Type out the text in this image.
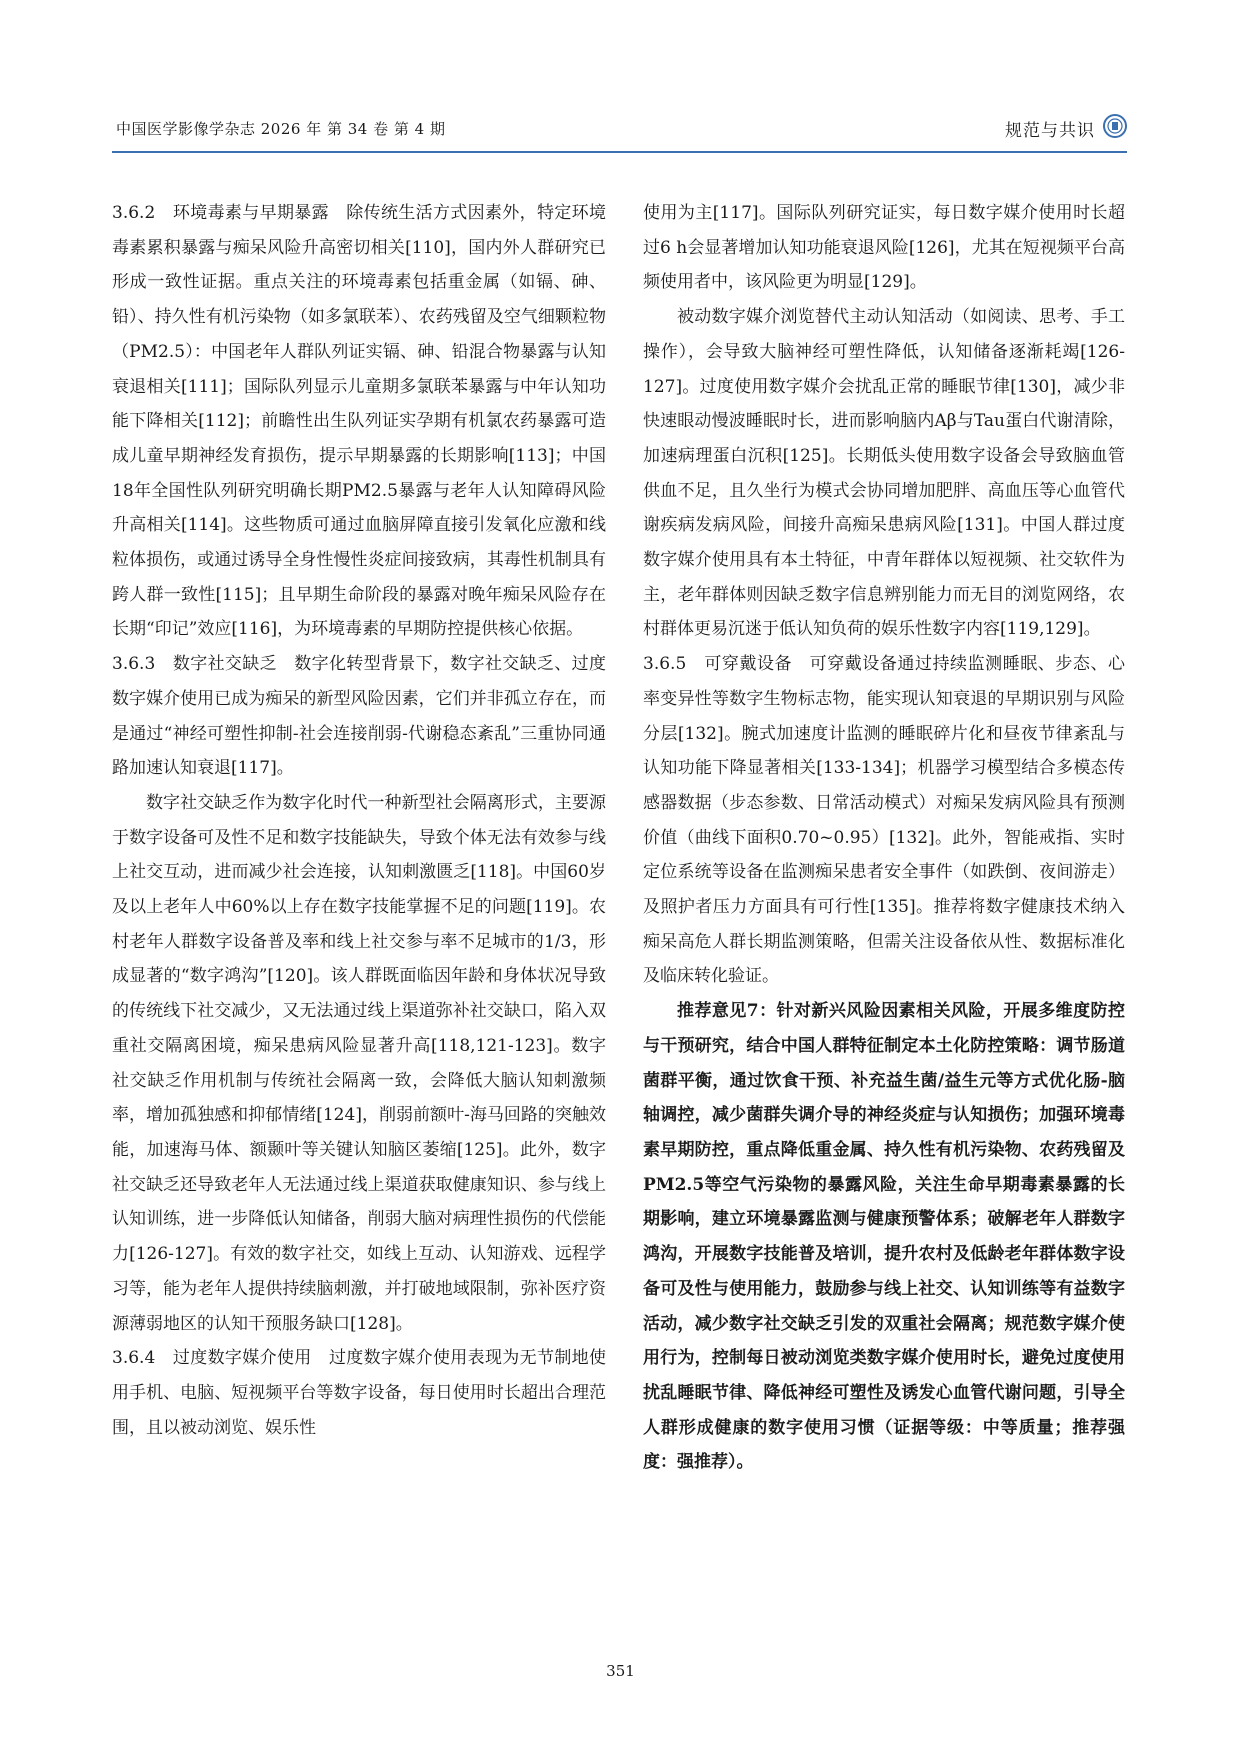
中国医学影像学杂志 2026 年 第 34 卷 第 4 期	规范与共识

3.6.2　环境毒素与早期暴露　除传统生活方式因素外，特定环境毒素累积暴露与痴呆风险升高密切相关[110]，国内外人群研究已形成一致性证据。重点关注的环境毒素包括重金属（如镉、砷、铅）、持久性有机污染物（如多氯联苯）、农药残留及空气细颗粒物（PM2.5）：中国老年人群队列证实镉、砷、铅混合物暴露与认知衰退相关[111]；国际队列显示儿童期多氯联苯暴露与中年认知功能下降相关[112]；前瞻性出生队列证实孕期有机氯农药暴露可造成儿童早期神经发育损伤，提示早期暴露的长期影响[113]；中国18年全国性队列研究明确长期PM2.5暴露与老年人认知障碍风险升高相关[114]。这些物质可通过血脑屏障直接引发氧化应激和线粒体损伤，或通过诱导全身性慢性炎症间接致病，其毒性机制具有跨人群一致性[115]；且早期生命阶段的暴露对晚年痴呆风险存在长期“印记”效应[116]，为环境毒素的早期防控提供核心依据。

3.6.3　数字社交缺乏　数字化转型背景下，数字社交缺乏、过度数字媒介使用已成为痴呆的新型风险因素，它们并非孤立存在，而是通过“神经可塑性抑制-社会连接削弱-代谢稳态紊乱”三重协同通路加速认知衰退[117]。

数字社交缺乏作为数字化时代一种新型社会隔离形式，主要源于数字设备可及性不足和数字技能缺失，导致个体无法有效参与线上社交互动，进而减少社会连接，认知刺激匮乏[118]。中国60岁及以上老年人中60%以上存在数字技能掌握不足的问题[119]。农村老年人群数字设备普及率和线上社交参与率不足城市的1/3，形成显著的“数字鸿沟”[120]。该人群既面临因年龄和身体状况导致的传统线下社交减少，又无法通过线上渠道弥补社交缺口，陷入双重社交隔离困境，痴呆患病风险显著升高[118,121-123]。数字社交缺乏作用机制与传统社会隔离一致，会降低大脑认知刺激频率，增加孤独感和抑郁情绪[124]，削弱前额叶-海马回路的突触效能，加速海马体、额颞叶等关键认知脑区萎缩[125]。此外，数字社交缺乏还导致老年人无法通过线上渠道获取健康知识、参与线上认知训练，进一步降低认知储备，削弱大脑对病理性损伤的代偿能力[126-127]。有效的数字社交，如线上互动、认知游戏、远程学习等，能为老年人提供持续脑刺激，并打破地域限制，弥补医疗资源薄弱地区的认知干预服务缺口[128]。

3.6.4　过度数字媒介使用　过度数字媒介使用表现为无节制地使用手机、电脑、短视频平台等数字设备，每日使用时长超出合理范围，且以被动浏览、娱乐性

使用为主[117]。国际队列研究证实，每日数字媒介使用时长超过6 h会显著增加认知功能衰退风险[126]，尤其在短视频平台高频使用者中，该风险更为明显[129]。

被动数字媒介浏览替代主动认知活动（如阅读、思考、手工操作），会导致大脑神经可塑性降低，认知储备逐渐耗竭[126-127]。过度使用数字媒介会扰乱正常的睡眠节律[130]，减少非快速眼动慢波睡眠时长，进而影响脑内Aβ与Tau蛋白代谢清除，加速病理蛋白沉积[125]。长期低头使用数字设备会导致脑血管供血不足，且久坐行为模式会协同增加肥胖、高血压等心血管代谢疾病发病风险，间接升高痴呆患病风险[131]。中国人群过度数字媒介使用具有本土特征，中青年群体以短视频、社交软件为主，老年群体则因缺乏数字信息辨别能力而无目的浏览网络，农村群体更易沉迷于低认知负荷的娱乐性数字内容[119,129]。

3.6.5　可穿戴设备　可穿戴设备通过持续监测睡眠、步态、心率变异性等数字生物标志物，能实现认知衰退的早期识别与风险分层[132]。腕式加速度计监测的睡眠碎片化和昼夜节律紊乱与认知功能下降显著相关[133-134]；机器学习模型结合多模态传感器数据（步态参数、日常活动模式）对痴呆发病风险具有预测价值（曲线下面积0.70~0.95）[132]。此外，智能戒指、实时定位系统等设备在监测痴呆患者安全事件（如跌倒、夜间游走）及照护者压力方面具有可行性[135]。推荐将数字健康技术纳入痴呆高危人群长期监测策略，但需关注设备依从性、数据标准化及临床转化验证。

推荐意见7：针对新兴风险因素相关风险，开展多维度防控与干预研究，结合中国人群特征制定本土化防控策略：调节肠道菌群平衡，通过饮食干预、补充益生菌/益生元等方式优化肠-脑轴调控，减少菌群失调介导的神经炎症与认知损伤；加强环境毒素早期防控，重点降低重金属、持久性有机污染物、农药残留及PM2.5等空气污染物的暴露风险，关注生命早期毒素暴露的长期影响，建立环境暴露监测与健康预警体系；破解老年人群数字鸿沟，开展数字技能普及培训，提升农村及低龄老年群体数字设备可及性与使用能力，鼓励参与线上社交、认知训练等有益数字活动，减少数字社交缺乏引发的双重社会隔离；规范数字媒介使用行为，控制每日被动浏览类数字媒介使用时长，避免过度使用扰乱睡眠节律、降低神经可塑性及诱发心血管代谢问题，引导全人群形成健康的数字使用习惯（证据等级：中等质量；推荐强度：强推荐）。

351
